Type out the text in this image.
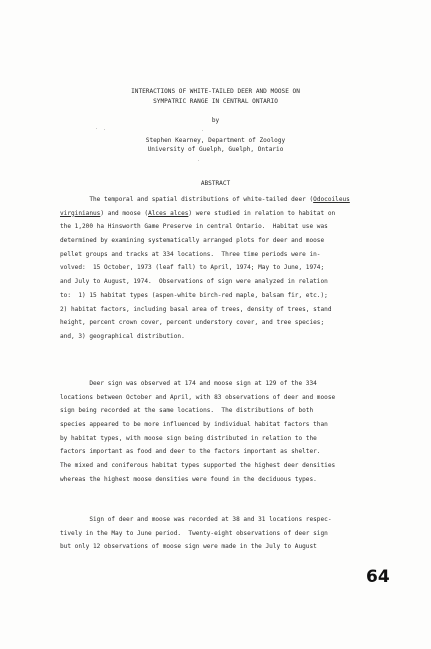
INTERACTIONS OF WHITE-TAILED DEER AND MOOSE ON
SYMPATRIC RANGE IN CENTRAL ONTARIO
by
Stephen Kearney, Department of Zoology
University of Guelph, Guelph, Ontario
ABSTRACT
The temporal and spatial distributions of white-tailed deer (Odocoileus
virginianus) and moose (Alces alces) were studied in relation to habitat on
the 1,200 ha Hinsworth Game Preserve in central Ontario.  Habitat use was
determined by examining systematically arranged plots for deer and moose
pellet groups and tracks at 334 locations.  Three time periods were in-
volved:  15 October, 1973 (leaf fall) to April, 1974; May to June, 1974;
and July to August, 1974.  Observations of sign were analyzed in relation
to:  1) 15 habitat types (aspen-white birch-red maple, balsam fir, etc.);
2) habitat factors, including basal area of trees, density of trees, stand
height, percent crown cover, percent understory cover, and tree species;
and, 3) geographical distribution.
Deer sign was observed at 174 and moose sign at 129 of the 334
locations between October and April, with 83 observations of deer and moose
sign being recorded at the same locations.  The distributions of both
species appeared to be more influenced by individual habitat factors than
by habitat types, with moose sign being distributed in relation to the
factors important as food and deer to the factors important as shelter.
The mixed and coniferous habitat types supported the highest deer densities
whereas the highest moose densities were found in the deciduous types.
Sign of deer and moose was recorded at 38 and 31 locations respec-
tively in the May to June period.  Twenty-eight observations of deer sign
but only 12 observations of moose sign were made in the July to August
64
